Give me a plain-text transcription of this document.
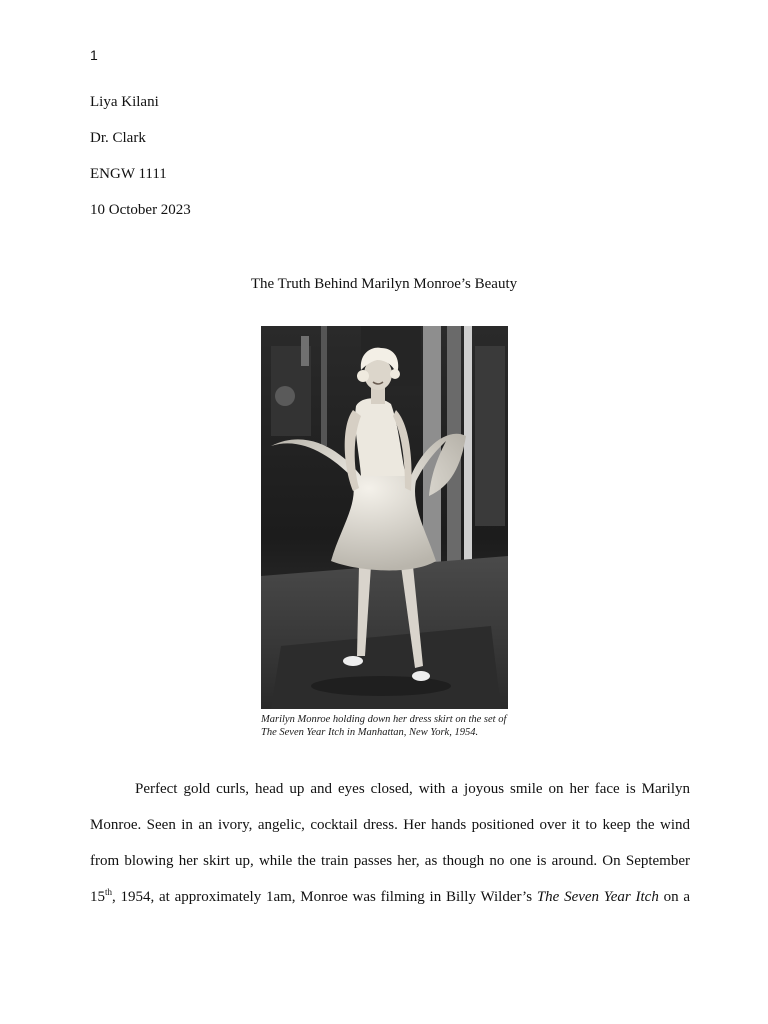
1
Liya Kilani
Dr. Clark
ENGW 1111
10 October 2023
The Truth Behind Marilyn Monroe’s Beauty
Marilyn Monroe holding down her dress skirt on the set of The Seven Year Itch in Manhattan, New York, 1954.
Perfect gold curls, head up and eyes closed, with a joyous smile on her face is Marilyn
Monroe. Seen in an ivory, angelic, cocktail dress. Her hands positioned over it to keep the wind
from blowing her skirt up, while the train passes her, as though no one is around. On September
15th, 1954, at approximately 1am, Monroe was filming in Billy Wilder’s The Seven Year Itch on a
